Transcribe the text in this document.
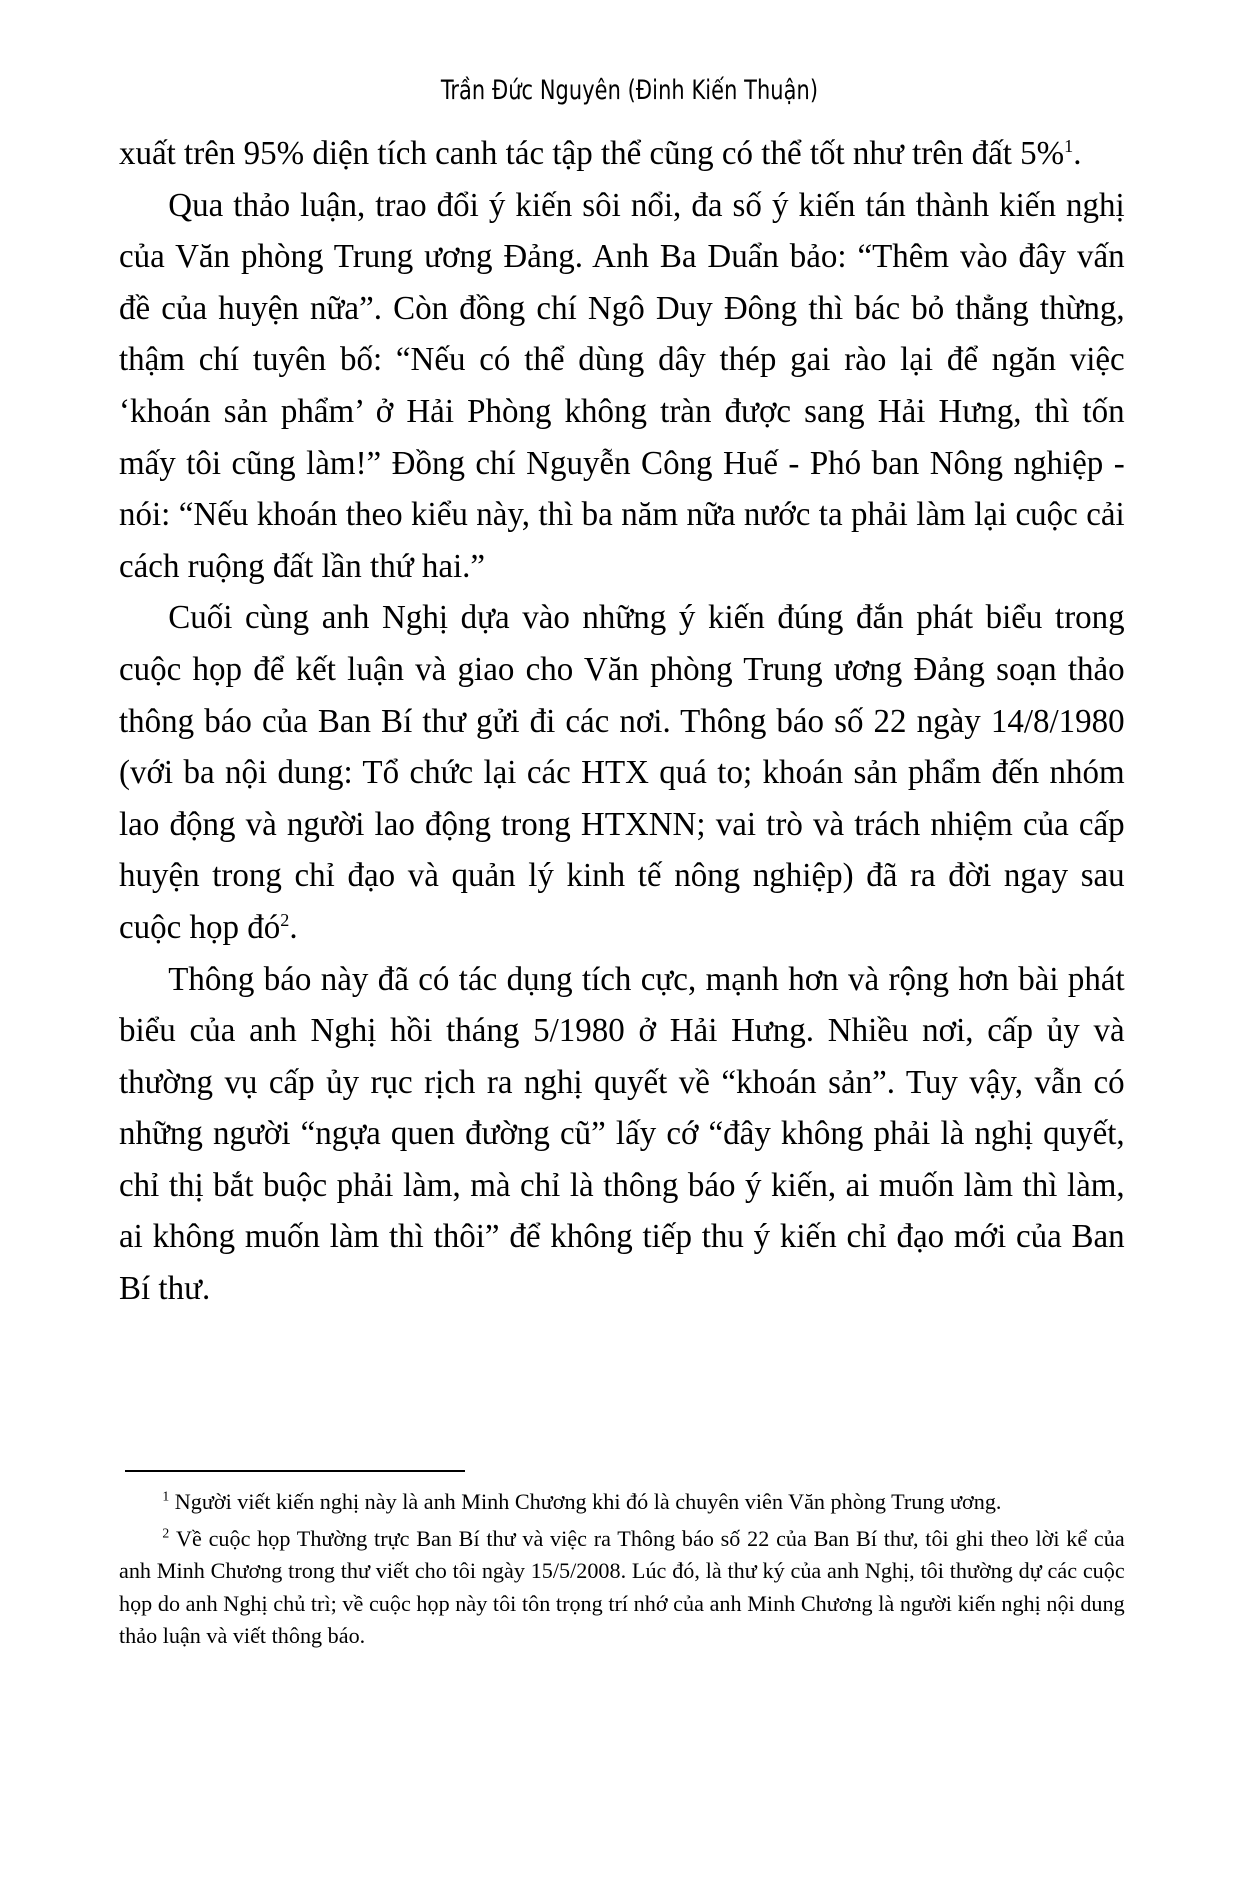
Trần Đức Nguyên (Đinh Kiến Thuận)

xuất trên 95% diện tích canh tác tập thể cũng có thể tốt như trên đất 5%$^1$.

Qua thảo luận, trao đổi ý kiến sôi nổi, đa số ý kiến tán thành kiến nghị của Văn phòng Trung ương Đảng. Anh Ba Duẩn bảo: “Thêm vào đây vấn đề của huyện nữa”. Còn đồng chí Ngô Duy Đông thì bác bỏ thẳng thừng, thậm chí tuyên bố: “Nếu có thể dùng dây thép gai rào lại để ngăn việc ‘khoán sản phẩm’ ở Hải Phòng không tràn được sang Hải Hưng, thì tốn mấy tôi cũng làm!” Đồng chí Nguyễn Công Huế - Phó ban Nông nghiệp - nói: “Nếu khoán theo kiểu này, thì ba năm nữa nước ta phải làm lại cuộc cải cách ruộng đất lần thứ hai.”

Cuối cùng anh Nghị dựa vào những ý kiến đúng đắn phát biểu trong cuộc họp để kết luận và giao cho Văn phòng Trung ương Đảng soạn thảo thông báo của Ban Bí thư gửi đi các nơi. Thông báo số 22 ngày 14/8/1980 (với ba nội dung: Tổ chức lại các HTX quá to; khoán sản phẩm đến nhóm lao động và người lao động trong HTXNN; vai trò và trách nhiệm của cấp huyện trong chỉ đạo và quản lý kinh tế nông nghiệp) đã ra đời ngay sau cuộc họp $đó^2$.

Thông báo này đã có tác dụng tích cực, mạnh hơn và rộng hơn bài phát biểu của anh Nghị hồi tháng 5/1980 ở Hải Hưng. Nhiều nơi, cấp ủy và thường vụ cấp ủy rục rịch ra nghị quyết về “khoán sản”. Tuy vậy, vẫn có những người “ngựa quen đường cũ” lấy cớ “đây không phải là nghị quyết, chỉ thị bắt buộc phải làm, mà chỉ là thông báo ý kiến, ai muốn làm thì làm, ai không muốn làm thì thôi” để không tiếp thu ý kiến chỉ đạo mới của Ban Bí thư.

$^1$ Người viết kiến nghị này là anh Minh Chương khi đó là chuyên viên Văn phòng Trung ương.

$^2$ Về cuộc họp Thường trực Ban Bí thư và việc ra Thông báo số 22 của Ban Bí thư, tôi ghi theo lời kể của anh Minh Chương trong thư viết cho tôi ngày 15/5/2008. Lúc đó, là thư ký của anh Nghị, tôi thường dự các cuộc họp do anh Nghị chủ trì; về cuộc họp này tôi tôn trọng trí nhớ của anh Minh Chương là người kiến nghị nội dung thảo luận và viết thông báo.
